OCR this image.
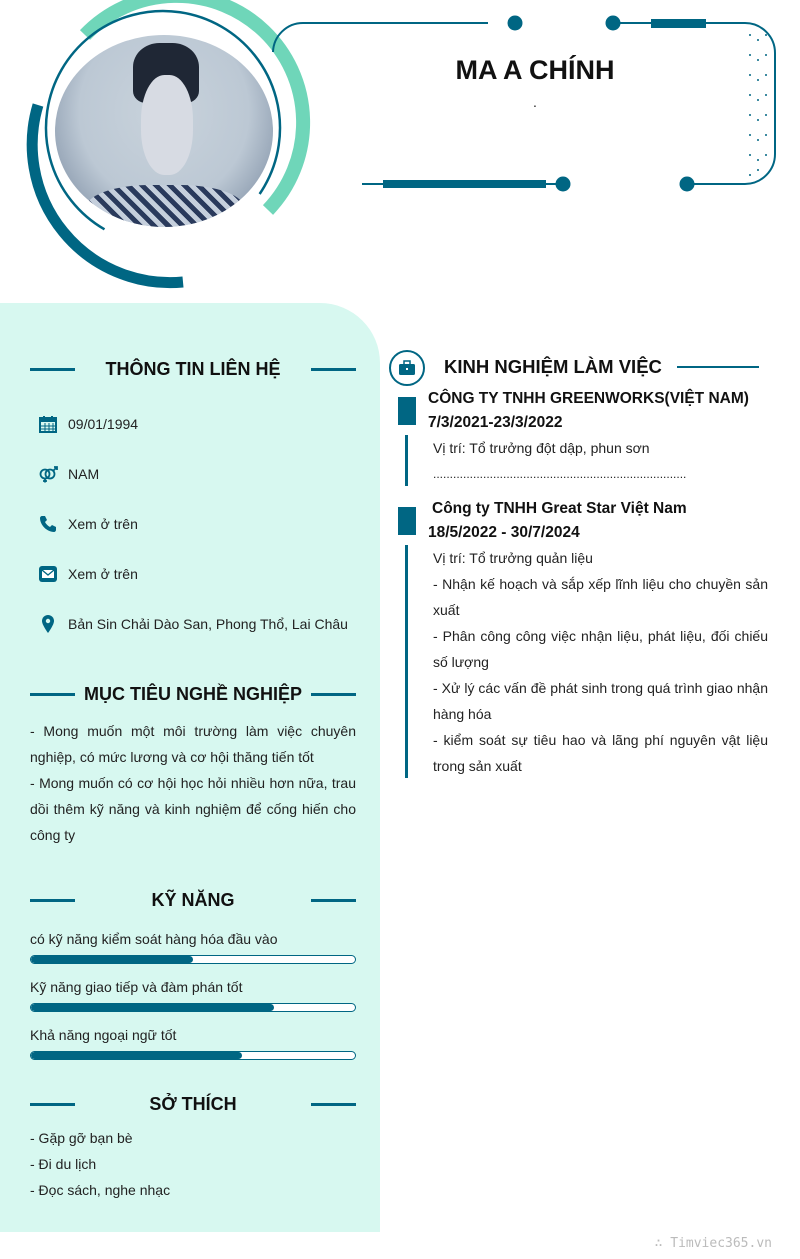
MA A CHÍNH
.
THÔNG TIN LIÊN HỆ
09/01/1994
NAM
Xem ở trên
Xem ở trên
Bản Sin Chải Dào San, Phong Thổ, Lai Châu
MỤC TIÊU NGHỀ NGHIỆP
- Mong muốn một môi trường làm việc chuyên nghiệp, có mức lương và cơ hội thăng tiến tốt
- Mong muốn có cơ hội học hỏi nhiều hơn nữa, trau dồi thêm kỹ năng và kinh nghiệm để cống hiến cho công ty
KỸ NĂNG
có kỹ năng kiểm soát hàng hóa đầu vào
Kỹ năng giao tiếp và đàm phán tốt
Khả năng ngoại ngữ tốt
SỞ THÍCH
- Gặp gỡ bạn bè
- Đi du lịch
- Đọc sách, nghe nhạc
KINH NGHIỆM LÀM VIỆC
CÔNG TY TNHH GREENWORKS(VIỆT NAM)
7/3/2021-23/3/2022
Vị trí: Tổ trưởng đột dập, phun sơn
............................................................................
Công ty TNHH Great Star Việt Nam
18/5/2022 - 30/7/2024
Vị trí: Tổ trưởng quản liệu
- Nhận kế hoạch và sắp xếp lĩnh liệu cho chuyền sản xuất
- Phân công công việc nhận liệu, phát liệu, đối chiếu số lượng
- Xử lý các vấn đề phát sinh trong quá trình giao nhận hàng hóa
- kiểm soát sự tiêu hao và lãng phí nguyên vật liệu trong sản xuất
∴ Timviec365.vn
